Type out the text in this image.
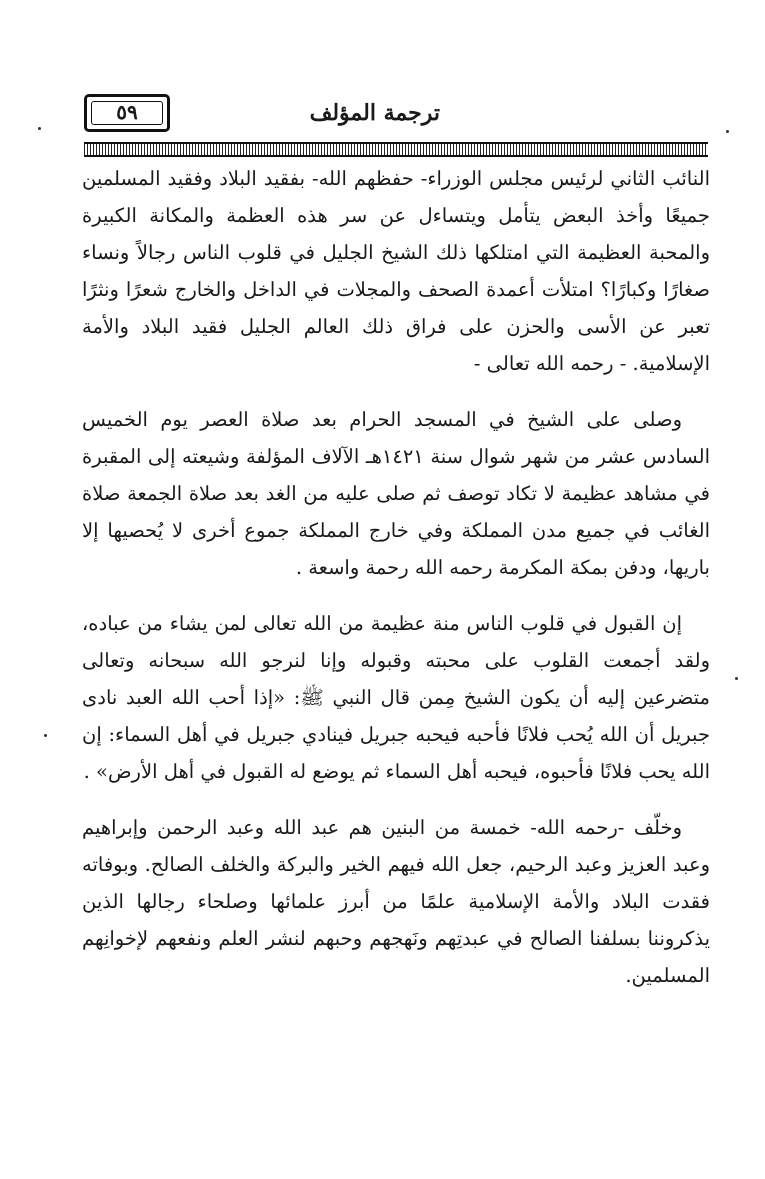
ترجمة المؤلف
٥٩

النائب الثاني لرئيس مجلس الوزراء- حفظهم الله- بفقيد البلاد وفقيد المسلمين جميعًا وأخذ البعض يتأمل ويتساءل عن سر هذه العظمة والمكانة الكبيرة والمحبة العظيمة التي امتلكها ذلك الشيخ الجليل في قلوب الناس رجالاً ونساء صغارًا وكبارًا؟ امتلأت أعمدة الصحف والمجلات في الداخل والخارج شعرًا ونثرًا تعبر عن الأسى والحزن على فراق ذلك العالم الجليل فقيد البلاد والأمة الإسلامية. - رحمه الله تعالى -

وصلى على الشيخ في المسجد الحرام بعد صلاة العصر يوم الخميس السادس عشر من شهر شوال سنة ١٤٢١هـ الآلاف المؤلفة وشيعته إلى المقبرة في مشاهد عظيمة لا تكاد توصف ثم صلى عليه من الغد بعد صلاة الجمعة صلاة الغائب في جميع مدن المملكة وفي خارج المملكة جموع أخرى لا يُحصيها إلا باريها، ودفن بمكة المكرمة رحمه الله رحمة واسعة .

إن القبول في قلوب الناس منة عظيمة من الله تعالى لمن يشاء من عباده، ولقد أجمعت القلوب على محبته وقبوله وإنا لنرجو الله سبحانه وتعالى متضرعين إليه أن يكون الشيخ مِمن قال النبي ﷺ: «إذا أحب الله العبد نادى جبريل أن الله يُحب فلانًا فأحبه فيحبه جبريل فينادي جبريل في أهل السماء: إن الله يحب فلانًا فأحبوه، فيحبه أهل السماء ثم يوضع له القبول في أهل الأرض» .

وخلّف -رحمه الله- خمسة من البنين هم عبد الله وعبد الرحمن وإبراهيم وعبد العزيز وعبد الرحيم، جعل الله فيهم الخير والبركة والخلف الصالح. وبوفاته فقدت البلاد والأمة الإسلامية علمًا من أبرز علمائها وصلحاء رجالها الذين يذكروننا بسلفنا الصالح في عبدتِهم ونَهجهم وحبهم لنشر العلم ونفعهم لإخوانِهم المسلمين.
